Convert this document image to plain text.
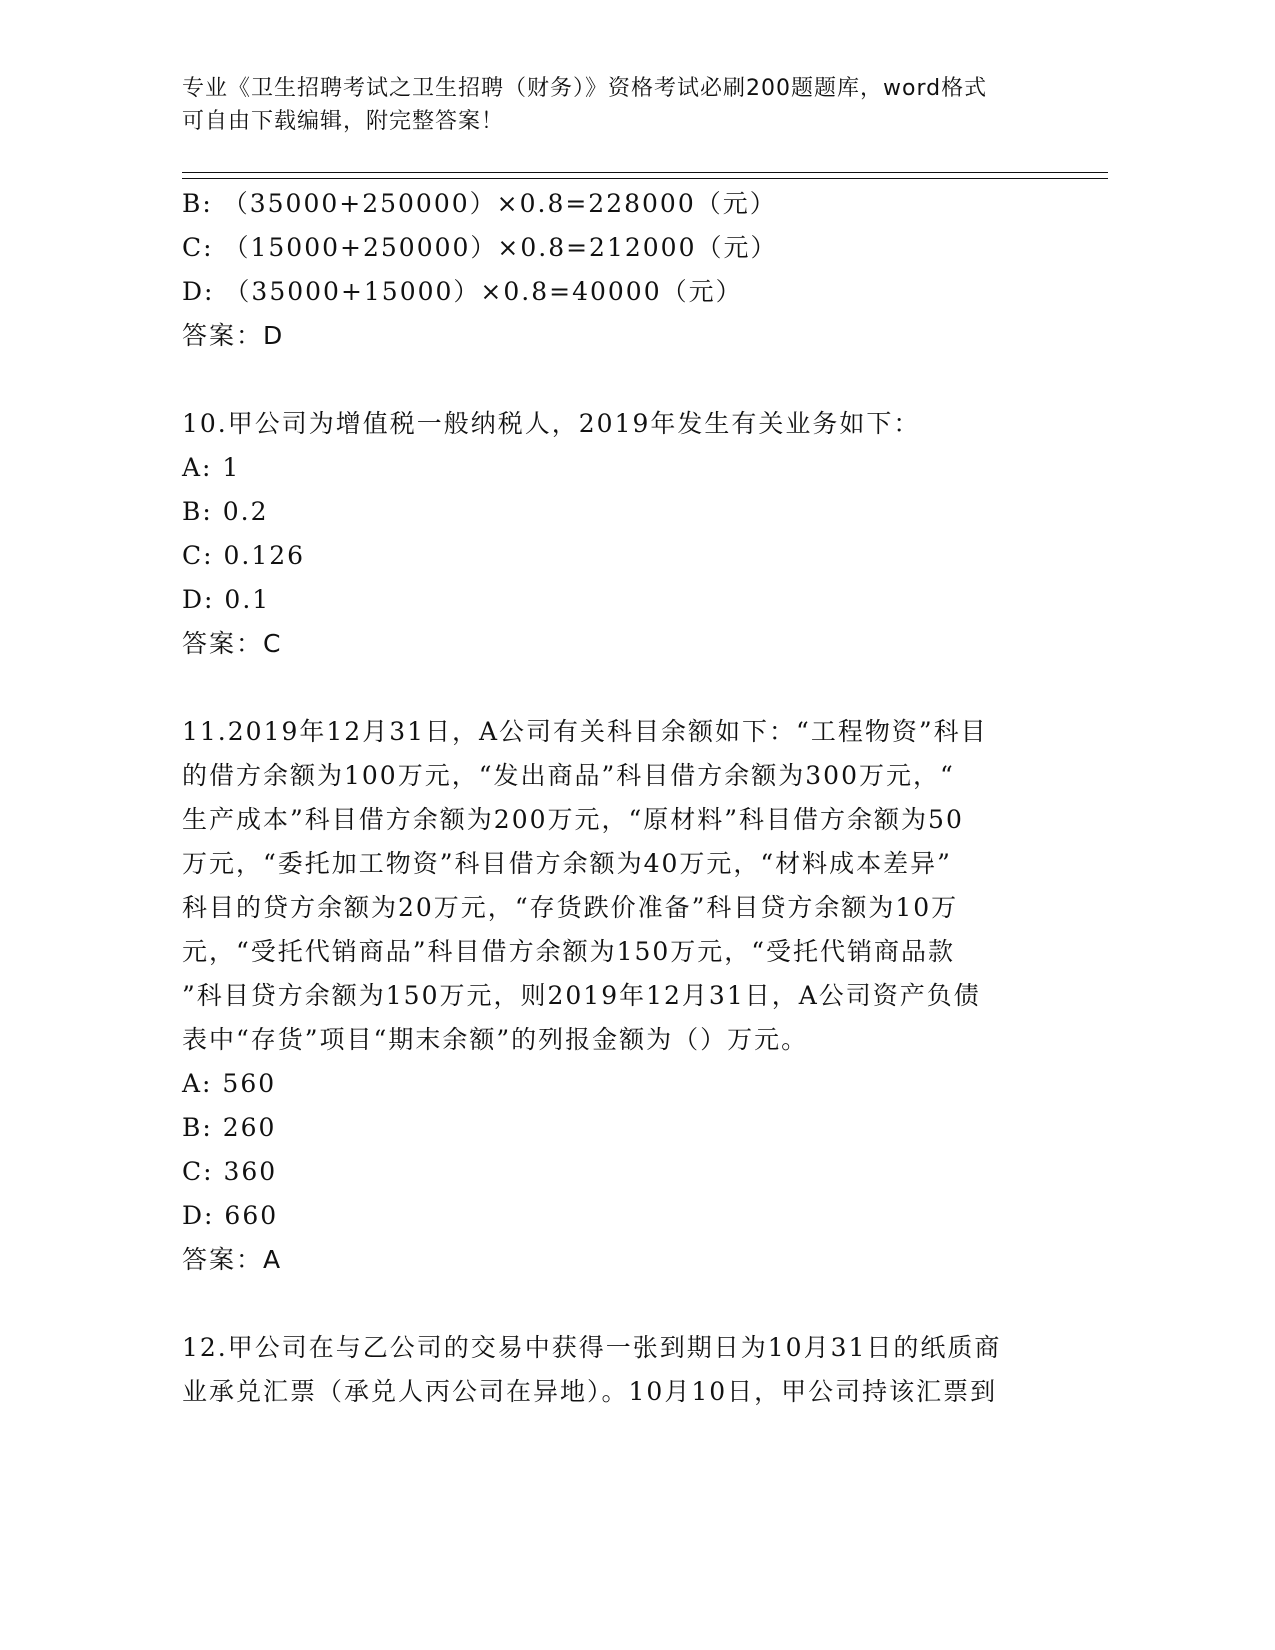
专业《卫生招聘考试之卫生招聘（财务）》资格考试必刷200题题库，word格式
可自由下载编辑，附完整答案！
B: （35000+250000）×0.8=228000（元）
C: （15000+250000）×0.8=212000（元）
D: （35000+15000）×0.8=40000（元）
答案：D
10.甲公司为增值税一般纳税人，2019年发生有关业务如下：
A: 1
B: 0.2
C: 0.126
D: 0.1
答案：C
11.2019年12月31日，A公司有关科目余额如下：“工程物资”科目
的借方余额为100万元，“发出商品”科目借方余额为300万元，“
生产成本”科目借方余额为200万元，“原材料”科目借方余额为50
万元，“委托加工物资”科目借方余额为40万元，“材料成本差异”
科目的贷方余额为20万元，“存货跌价准备”科目贷方余额为10万
元，“受托代销商品”科目借方余额为150万元，“受托代销商品款
”科目贷方余额为150万元，则2019年12月31日，A公司资产负债
表中“存货”项目“期末余额”的列报金额为（）万元。
A: 560
B: 260
C: 360
D: 660
答案：A
12.甲公司在与乙公司的交易中获得一张到期日为10月31日的纸质商
业承兑汇票（承兑人丙公司在异地）。10月10日，甲公司持该汇票到
